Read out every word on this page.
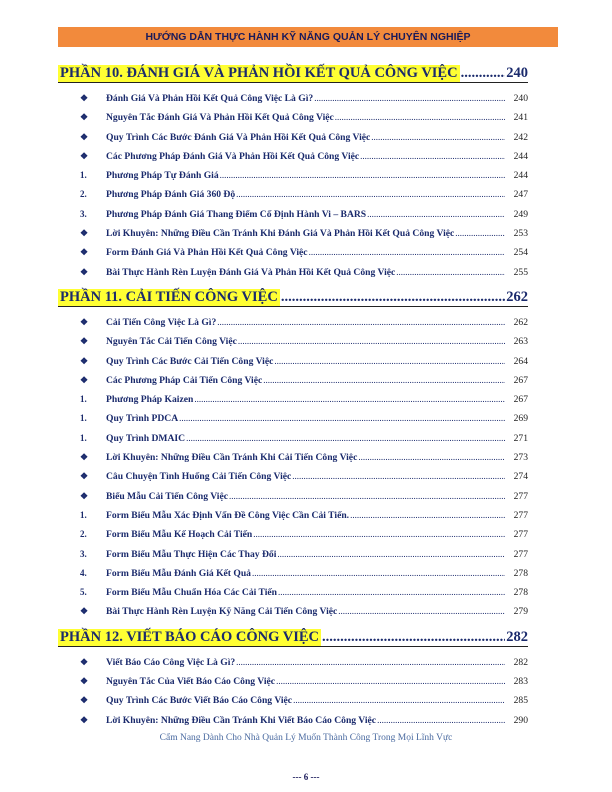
HƯỚNG DẪN THỰC HÀNH KỸ NĂNG QUẢN LÝ CHUYÊN NGHIỆP
PHẦN 10. ĐÁNH GIÁ VÀ PHẢN HỒI KẾT QUẢ CÔNG VIỆC .....	240
❖	Đánh Giá Và Phản Hồi Kết Quả Công Việc Là Gì? .....	240
❖	Nguyên Tắc Đánh Giá Và Phản Hồi Kết Quả Công Việc .....	241
❖	Quy Trình Các Bước Đánh Giá Và Phản Hồi Kết Quả Công Việc .....	242
❖	Các Phương Pháp Đánh Giá Và Phản Hồi Kết Quả Công Việc .....	244
1.	Phương Pháp Tự Đánh Giá .....	244
2.	Phương Pháp Đánh Giá 360 Độ .....	247
3.	Phương Pháp Đánh Giá Thang Điểm Cố Định Hành Vi – BARS .....	249
❖	Lời Khuyên: Những Điều Cần Tránh Khi Đánh Giá Và Phản Hồi Kết Quả Công Việc .....	253
❖	Form Đánh Giá Và Phản Hồi Kết Quả Công Việc .....	254
❖	Bài Thực Hành Rèn Luyện Đánh Giá Và Phản Hồi Kết Quả Công Việc .....	255
PHẦN 11. CẢI TIẾN CÔNG VIỆC .....	262
❖	Cải Tiến Công Việc Là Gì? .....	262
❖	Nguyên Tắc Cải Tiến Công Việc .....	263
❖	Quy Trình Các Bước Cải Tiến Công Việc .....	264
❖	Các Phương Pháp Cải Tiến Công Việc .....	267
1.	Phương Pháp Kaizen .....	267
1.	Quy Trình PDCA .....	269
1.	Quy Trình DMAIC .....	271
❖	Lời Khuyên: Những Điều Cần Tránh Khi Cải Tiến Công Việc .....	273
❖	Câu Chuyện Tình Huống Cải Tiến Công Việc .....	274
❖	Biểu Mẫu Cải Tiến Công Việc .....	277
1.	Form Biểu Mẫu Xác Định Vấn Đề Công Việc Cần Cải Tiến. .....	277
2.	Form Biểu Mẫu Kế Hoạch Cải Tiến .....	277
3.	Form Biểu Mẫu Thực Hiện Các Thay Đổi .....	277
4.	Form Biểu Mẫu Đánh Giá Kết Quả .....	278
5.	Form Biểu Mẫu Chuẩn Hóa Các Cải Tiến .....	278
❖	Bài Thực Hành Rèn Luyện Kỹ Năng Cải Tiến Công Việc .....	279
PHẦN 12. VIẾT BÁO CÁO CÔNG VIỆC .....	282
❖	Viết Báo Cáo Công Việc Là Gì? .....	282
❖	Nguyên Tắc Của Viết Báo Cáo Công Việc .....	283
❖	Quy Trình Các Bước Viết Báo Cáo Công Việc .....	285
❖	Lời Khuyên: Những Điều Cần Tránh Khi Viết Báo Cáo Công Việc .....	290
Cẩm Nang Dành Cho Nhà Quản Lý Muốn Thành Công Trong Mọi Lĩnh Vực
--- 6 ---
